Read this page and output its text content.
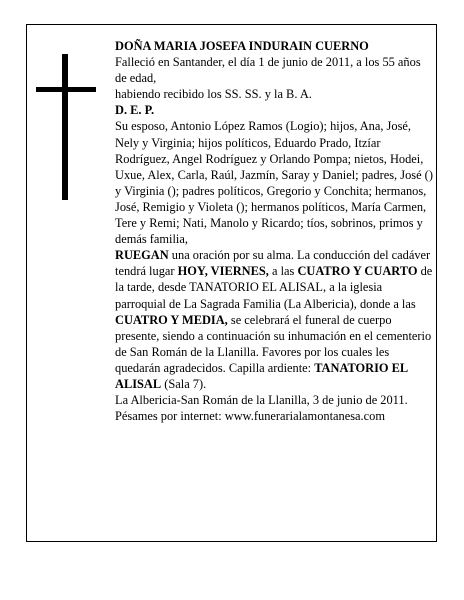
DOÑA MARIA JOSEFA INDURAIN CUERNO

Falleció en Santander, el día 1 de junio de 2011, a los 55 años de edad,

habiendo recibido los SS. SS. y la B. A.

D. E. P.

Su esposo, Antonio López Ramos (Logio); hijos, Ana, José, Nely y Virginia; hijos políticos, Eduardo Prado, Itzíar Rodríguez, Angel Rodríguez y Orlando Pompa; nietos, Hodei, Uxue, Alex, Carla, Raúl, Jazmín, Saray y Daniel; padres, José () y Virginia (); padres políticos, Gregorio y Conchita; hermanos, José, Remigio y Violeta (); hermanos políticos, María Carmen, Tere y Remi; Nati, Manolo y Ricardo; tíos, sobrinos, primos y demás familia,

RUEGAN una oración por su alma. La conducción del cadáver tendrá lugar HOY, VIERNES, a las CUATRO Y CUARTO de la tarde, desde TANATORIO EL ALISAL, a la iglesia parroquial de La Sagrada Familia (La Albericia), donde a las CUATRO Y MEDIA, se celebrará el funeral de cuerpo presente, siendo a continuación su inhumación en el cementerio de San Román de la Llanilla. Favores por los cuales les quedarán agradecidos. Capilla ardiente: TANATORIO EL ALISAL (Sala 7).

La Albericia-San Román de la Llanilla, 3 de junio de 2011.

Pésames por internet: www.funerarialamontanesa.com
